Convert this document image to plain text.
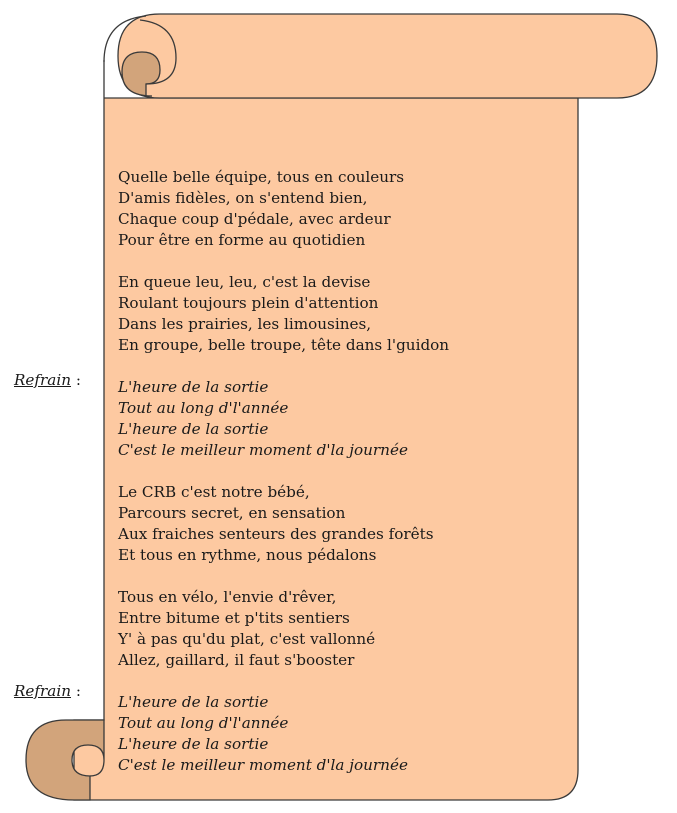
Refrain :
Refrain :
Quelle belle équipe, tous en couleurs
D'amis fidèles, on s'entend bien,
Chaque coup d'pédale, avec ardeur
Pour être en forme au quotidien
En queue leu, leu, c'est la devise
Roulant toujours plein d'attention
Dans les prairies, les limousines,
En groupe, belle troupe, tête dans l'guidon
L'heure de la sortie
Tout au long d'l'année
L'heure de la sortie
C'est le meilleur moment d'la journée
Le CRB c'est notre bébé,
Parcours secret, en sensation
Aux fraiches senteurs des grandes forêts
Et tous en rythme, nous pédalons
Tous en vélo, l'envie d'rêver,
Entre bitume et p'tits sentiers
Y' à pas qu'du plat, c'est vallonné
Allez, gaillard, il faut s'booster
L'heure de la sortie
Tout au long d'l'année
L'heure de la sortie
C'est le meilleur moment d'la journée
